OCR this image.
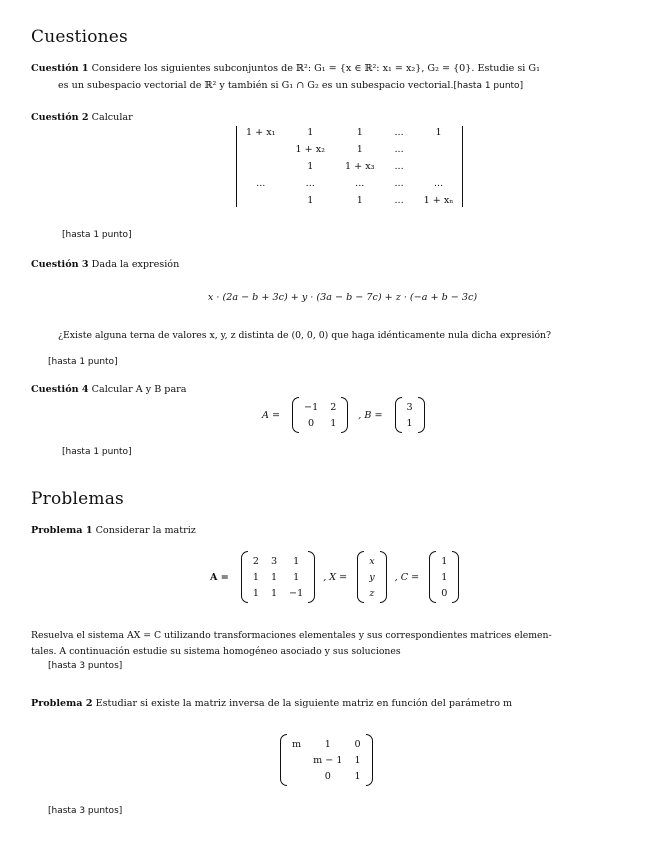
Cuestiones
Cuestión 1 Considere los siguientes subconjuntos de ℝ²: G₁ = {x ∈ ℝ²: x₁ = x₂}, G₂ = {0}. Estudie si G₁
es un subespacio vectorial de ℝ² y también si G₁ ∩ G₂ es un subespacio vectorial.[hasta 1 punto]
Cuestión 2 Calcular
1 + x₁	1	1	...	1
	1 + x₂	1	...	
	1	1 + x₃	...	
...	...	...	...	...
	1	1	...	1 + xₙ
[hasta 1 punto]
Cuestión 3 Dada la expresión
x · (2a − b + 3c) + y · (3a − b − 7c) + z · (−a + b − 3c)
¿Existe alguna terna de valores x, y, z distinta de (0, 0, 0) que haga idénticamente nula dicha expresión?
[hasta 1 punto]
Cuestión 4 Calcular A y B para
A =
−1	2
0	1
, B =
3
1
[hasta 1 punto]
Problemas
Problema 1 Considerar la matriz
A =
2	3	1
1	1	1
1	1	−1
, X =
x
y
z
, C =
1
1
0
Resuelva el sistema AX = C utilizando transformaciones elementales y sus correspondientes matrices elemen-
tales. A continuación estudie su sistema homogéneo asociado y sus soluciones
[hasta 3 puntos]
Problema 2 Estudiar si existe la matriz inversa de la siguiente matriz en función del parámetro m
m	1	0
	m − 1	1
	0	1
[hasta 3 puntos]
